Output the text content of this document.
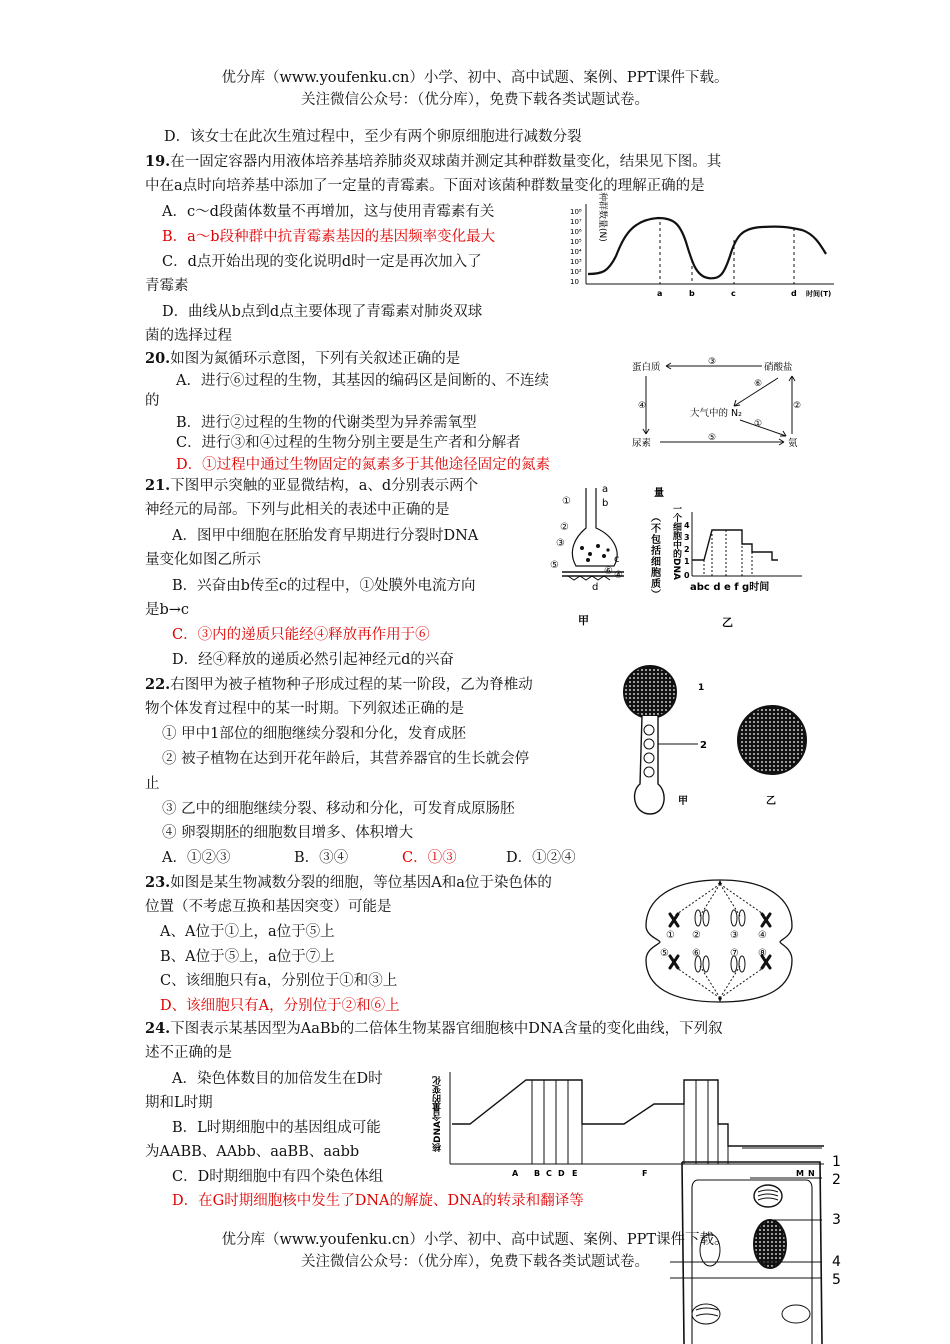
优分库（www.youfenku.cn）小学、初中、高中试题、案例、PPT课件下载。
关注微信公众号：（优分库），免费下载各类试题试卷。
D．该女士在此次生殖过程中，至少有两个卵原细胞进行减数分裂
19.在一固定容器内用液体培养基培养肺炎双球菌并测定其种群数量变化，结果见下图。其
中在a点时向培养基中添加了一定量的青霉素。下面对该菌种群数量变化的理解正确的是
A．c～d段菌体数量不再增加，这与使用青霉素有关
B．a～b段种群中抗青霉素基因的基因频率变化最大
C．d点开始出现的变化说明d时一定是再次加入了
青霉素
D．曲线从b点到d点主要体现了青霉素对肺炎双球
菌的选择过程
种群数量(N)
10⁸
10⁷
10⁶
10⁵
10⁴
10³
10²
10
a	b	c	d 时间(T)
20.如图为氮循环示意图，下列有关叙述正确的是
A．进行⑥过程的生物，其基因的编码区是间断的、不连续
的
B．进行②过程的生物的代谢类型为异养需氧型
C．进行③和④过程的生物分别主要是生产者和分解者
D．①过程中通过生物固定的氮素多于其他途径固定的氮素
蛋白质	硝酸盐
大气中的 N₂
尿素	氨
③
④	②
⑤
⑥
①
21.下图甲示突触的亚显微结构，a、d分别表示两个
神经元的局部。下列与此相关的表述中正确的是
A．图甲中细胞在胚胎发育早期进行分裂时DNA
量变化如图乙所示
B．兴奋由b传至c的过程中，①处膜外电流方向
是b→c
C．③内的递质只能经④释放再作用于⑥
D．经④释放的递质必然引起神经元d的兴奋
①
②
③
⑤
a
b
c
d
甲
量
（不包括细胞质） 一个细胞中的DNA 4
3
2
1
0
abc d e f g时间
乙
22.右图甲为被子植物种子形成过程的某一阶段，乙为脊椎动
物个体发育过程中的某一时期。下列叙述正确的是
① 甲中1部位的细胞继续分裂和分化，发育成胚
② 被子植物在达到开花年龄后，其营养器官的生长就会停
止
③ 乙中的细胞继续分裂、移动和分化，可发育成原肠胚
④ 卵裂期胚的细胞数目增多、体积增大
A．①②③	B．③④	C．①③	D．①②④
1
2
甲	乙
23.如图是某生物减数分裂的细胞，等位基因A和a位于染色体的
位置（不考虑互换和基因突变）可能是
A、A位于①上，a位于⑤上
B、A位于⑤上，a位于⑦上
C、该细胞只有a，分别位于①和③上
D、该细胞只有A，分别位于②和⑥上
① ②	③ ④
⑤ ⑥	⑦ ⑧
24.下图表示某基因型为AaBb的二倍体生物某器官细胞核中DNA含量的变化曲线，下列叙
述不正确的是
A．染色体数目的加倍发生在D时
期和L时期
B．L时期细胞中的基因组成可能
为AABB、AAbb、aaBB、aabb
C．D时期细胞中有四个染色体组
D．在G时期细胞核中发生了DNA的解旋、DNA的转录和翻译等
核DNA含量的变化
A B C D E	F	M N
1
2
3
4
5
优分库（www.youfenku.cn）小学、初中、高中试题、案例、PPT课件下载。
关注微信公众号：（优分库），免费下载各类试题试卷。
